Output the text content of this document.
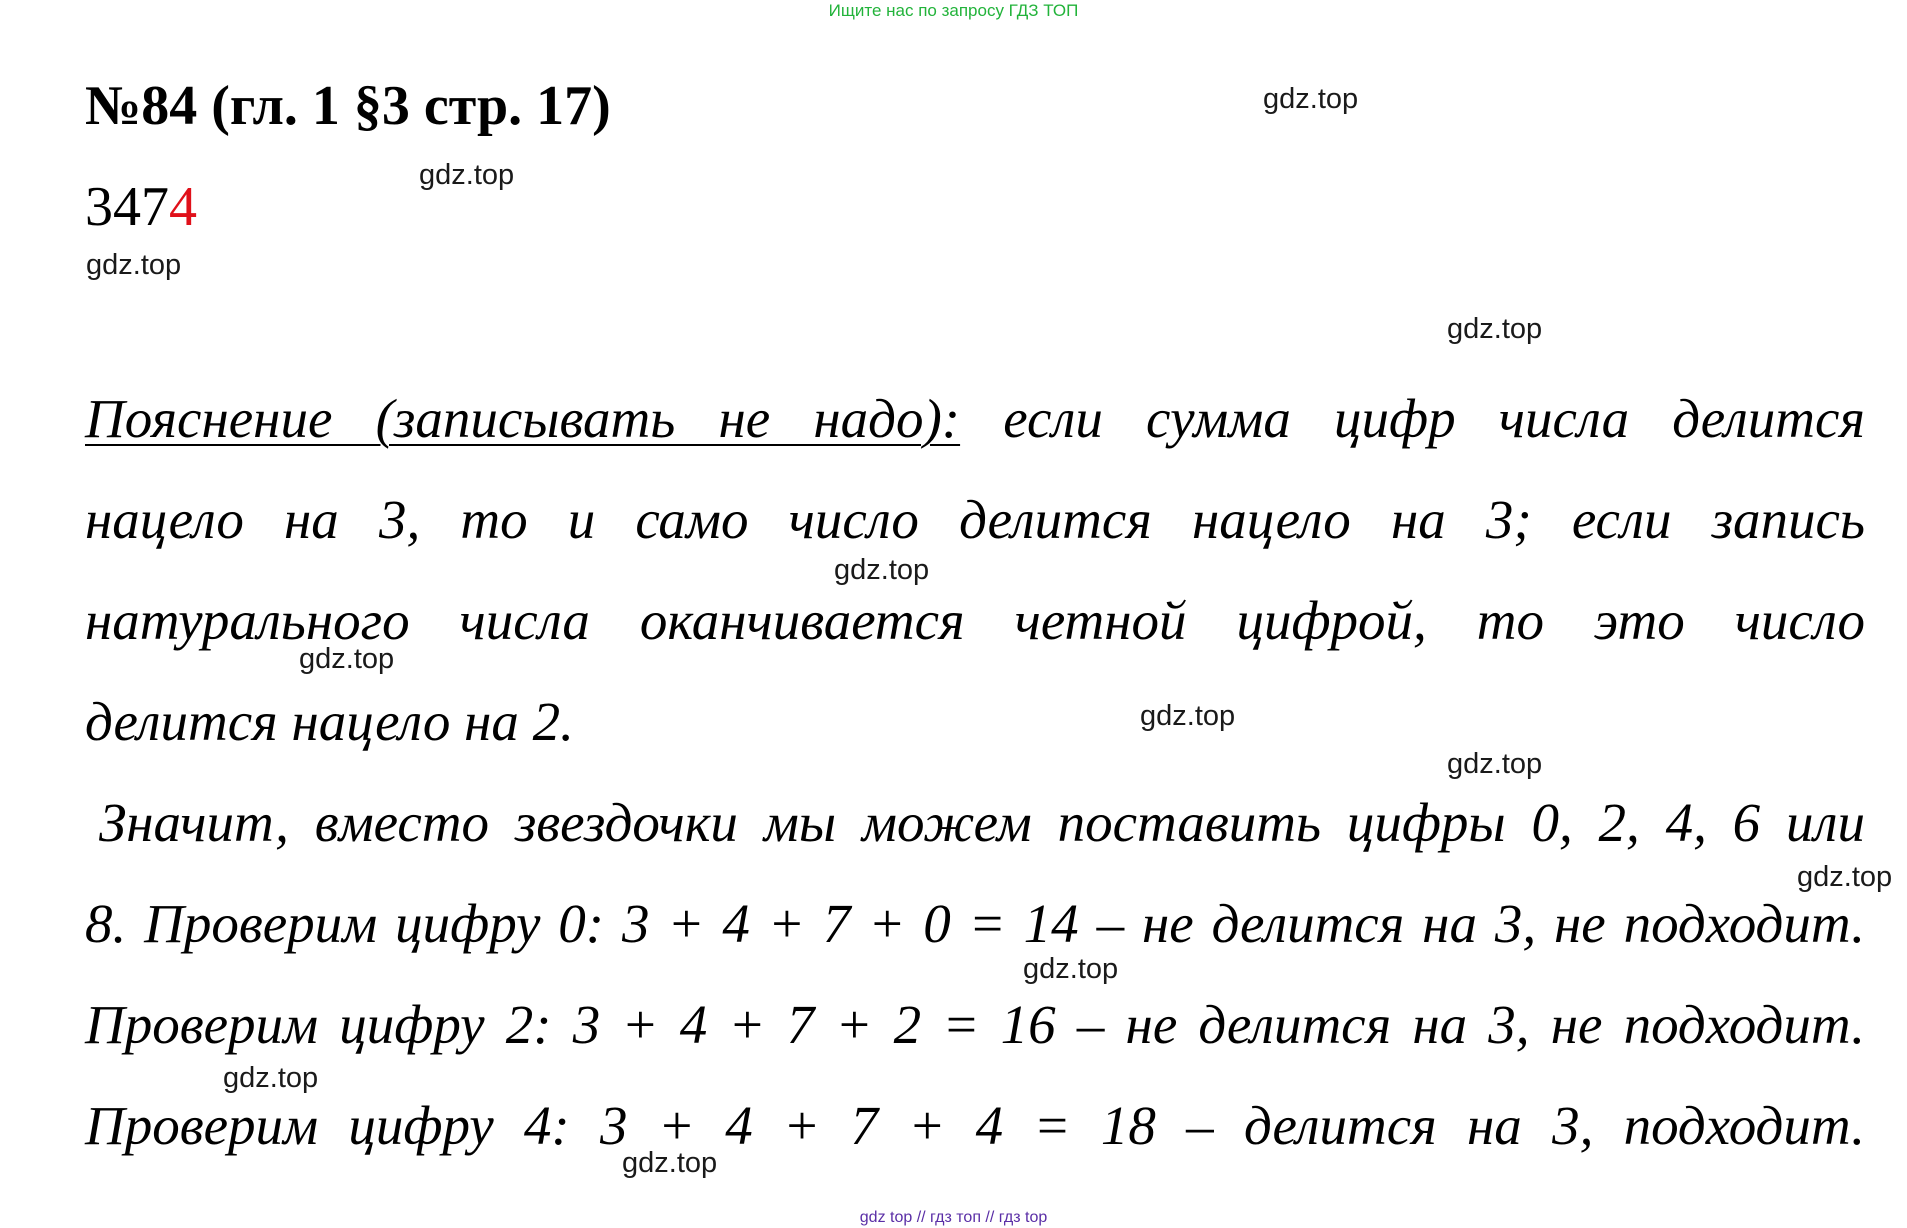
Ищите нас по запросу ГДЗ ТОП
№84 (гл. 1 §3 стр. 17)
3474
Пояснение (записывать не надо): если сумма цифр числа делится
нацело на 3, то и само число делится нацело на 3; если запись
натурального числа оканчивается четной цифрой, то это число
делится нацело на 2.
Значит, вместо звездочки мы можем поставить цифры 0, 2, 4, 6 или
8. Проверим цифру 0: 3 + 4 + 7 + 0 = 14 – не делится на 3, не подходит.
Проверим цифру 2: 3 + 4 + 7 + 2 = 16 – не делится на 3, не подходит.
Проверим цифру 4: 3 + 4 + 7 + 4 = 18 – делится на 3, подходит.
gdz.top
gdz.top
gdz.top
gdz.top
gdz.top
gdz.top
gdz.top
gdz.top
gdz.top
gdz.top
gdz.top
gdz.top
gdz top // гдз топ // гдз top
